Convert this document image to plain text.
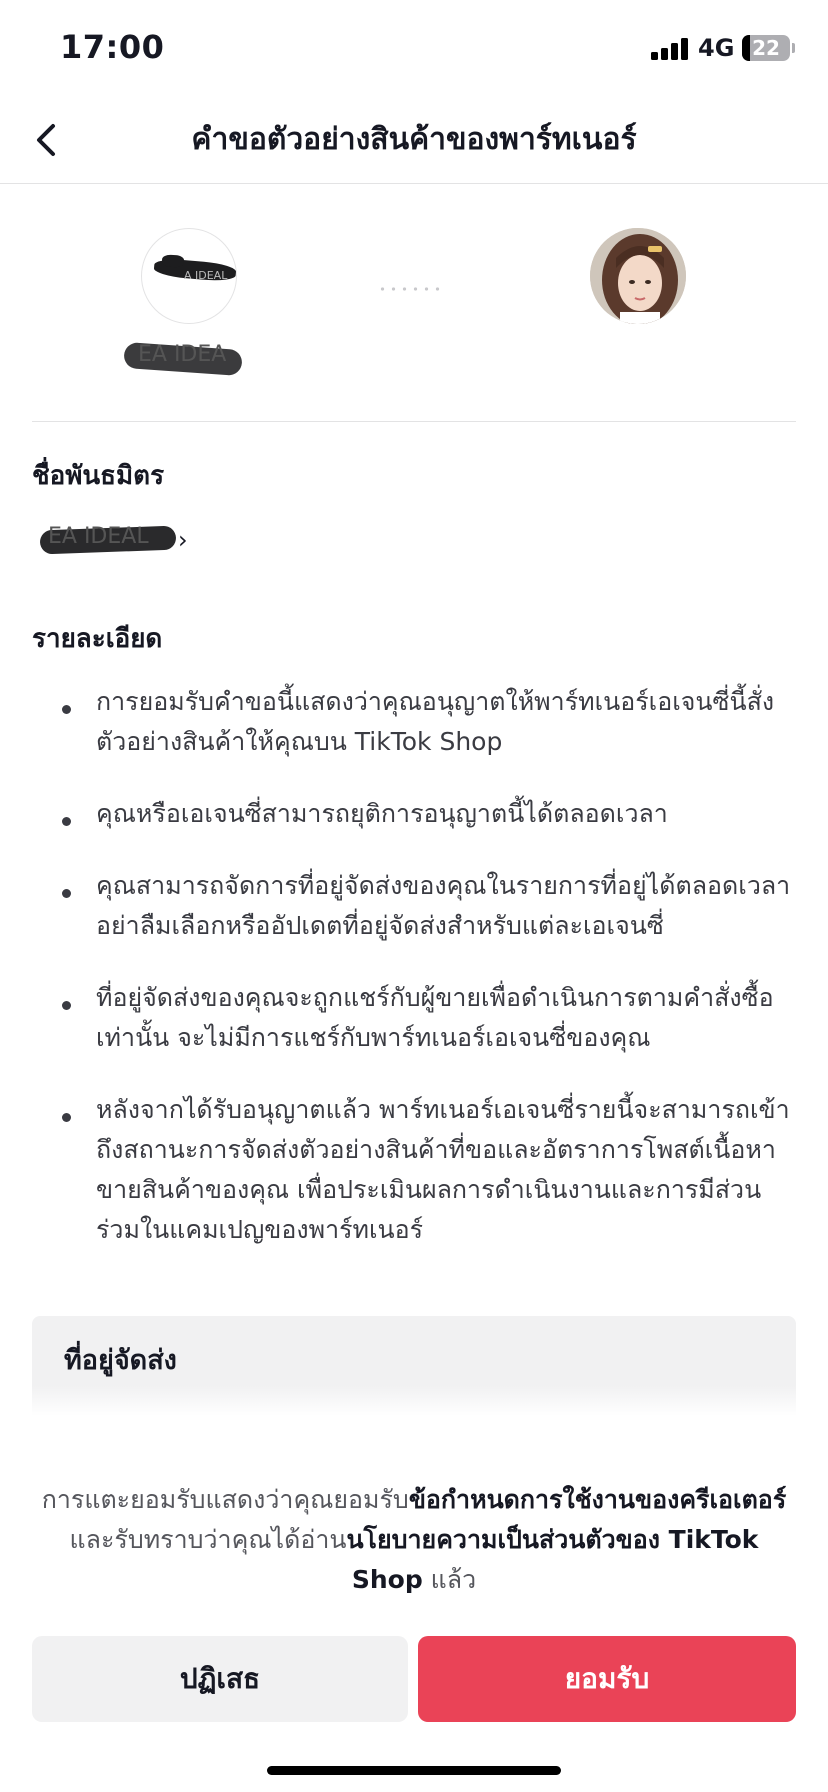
17:00	4G 22
คำขอตัวอย่างสินค้าของพาร์ทเนอร์
A IDEAL
EA IDEA
ชื่อพันธมิตร
EA IDEAL ›
รายละเอียด
การยอมรับคำขอนี้แสดงว่าคุณอนุญาตให้พาร์ทเนอร์เอเจนซี่นี้สั่งตัวอย่างสินค้าให้คุณบน TikTok Shop
คุณหรือเอเจนซี่สามารถยุติการอนุญาตนี้ได้ตลอดเวลา
คุณสามารถจัดการที่อยู่จัดส่งของคุณในรายการที่อยู่ได้ตลอดเวลา อย่าลืมเลือกหรืออัปเดตที่อยู่จัดส่งสำหรับแต่ละเอเจนซี่
ที่อยู่จัดส่งของคุณจะถูกแชร์กับผู้ขายเพื่อดำเนินการตามคำสั่งซื้อเท่านั้น จะไม่มีการแชร์กับพาร์ทเนอร์เอเจนซี่ของคุณ
หลังจากได้รับอนุญาตแล้ว พาร์ทเนอร์เอเจนซี่รายนี้จะสามารถเข้าถึงสถานะการจัดส่งตัวอย่างสินค้าที่ขอและอัตราการโพสต์เนื้อหาขายสินค้าของคุณ เพื่อประเมินผลการดำเนินงานและการมีส่วนร่วมในแคมเปญของพาร์ทเนอร์
ที่อยู่จัดส่ง
การแตะยอมรับแสดงว่าคุณยอมรับข้อกำหนดการใช้งานของครีเอเตอร์ และรับทราบว่าคุณได้อ่านนโยบายความเป็นส่วนตัวของ TikTok Shop แล้ว
ปฏิเสธ	ยอมรับ
